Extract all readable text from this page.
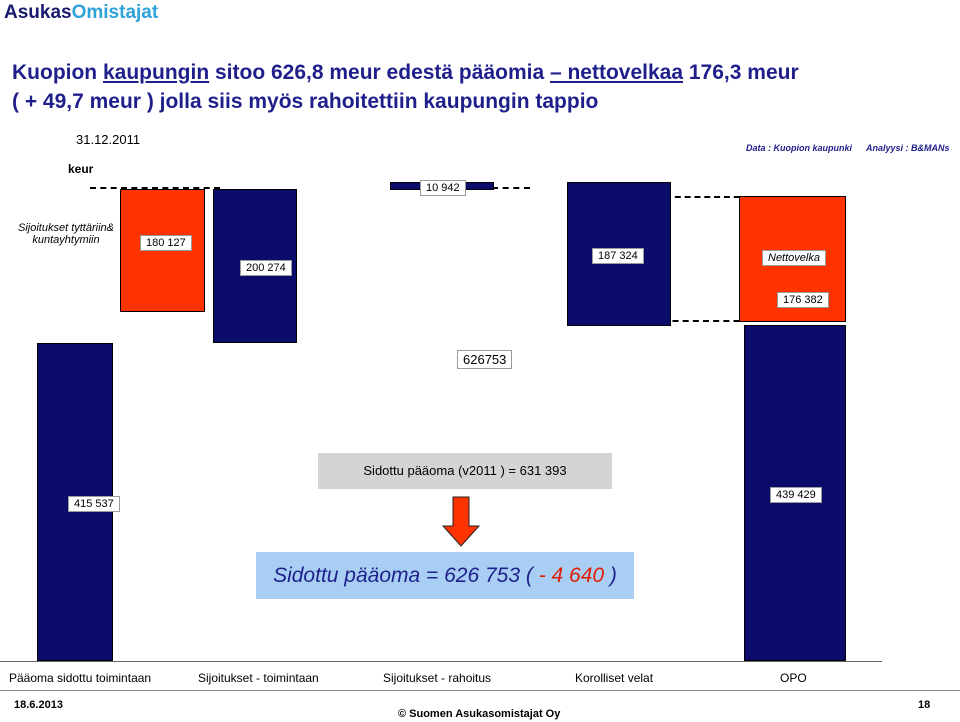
AsukasOmistajat
Kuopion kaupungin sitoo 626,8 meur edestä pääomia – nettovelkaa 176,3 meur
( + 49,7 meur ) jolla siis myös rahoitettiin kaupungin tappio
31.12.2011
keur
Data : Kuopion kaupunki Analyysi : B&MANs
415 537
180 127
200 274
10 942
187 324
176 382
439 429
Sijoitukset tyttäriin& kuntayhtymiin
Nettovelka
626753
Sidottu pääoma (v2011 ) = 631 393
Sidottu pääoma = 626 753 ( - 4 640 )
Pääoma sidottu toimintaan	Sijoitukset - toimintaan	Sijoitukset - rahoitus	Korolliset velat	OPO
18.6.2013
© Suomen Asukasomistajat Oy
18
